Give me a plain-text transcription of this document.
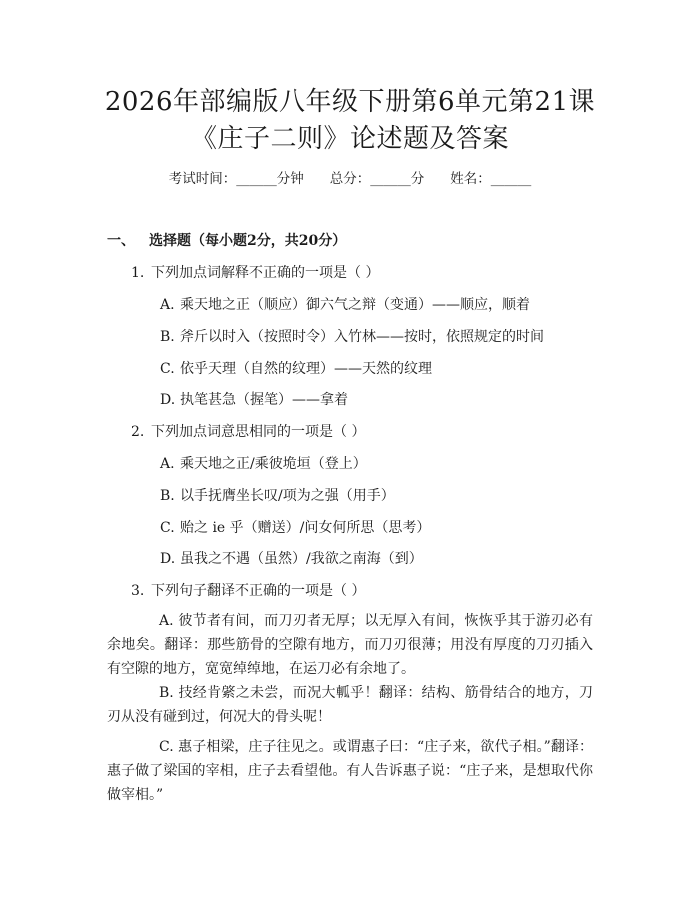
2026年部编版八年级下册第6单元第21课
《庄子二则》论述题及答案
考试时间：______分钟 总分：______分 姓名：______
一、 选择题（每小题2分，共20分）
1. 下列加点词解释不正确的一项是（ ）
A. 乘天地之正（顺应）御六气之辩（变通）——顺应，顺着
B. 斧斤以时入（按照时令）入竹林——按时，依照规定的时间
C. 依乎天理（自然的纹理）——天然的纹理
D. 执笔甚急（握笔）——拿着
2. 下列加点词意思相同的一项是（ ）
A. 乘天地之正/乘彼垝垣（登上）
B. 以手抚膺坐长叹/项为之强（用手）
C. 贻之 ie 乎（赠送）/问女何所思（思考）
D. 虽我之不遇（虽然）/我欲之南海（到）
3. 下列句子翻译不正确的一项是（ ）
A. 彼节者有间，而刀刃者无厚；以无厚入有间，恢恢乎其于游刃必有余地矣。翻译：那些筋骨的空隙有地方，而刀刃很薄；用没有厚度的刀刃插入有空隙的地方，宽宽绰绰地，在运刀必有余地了。
B. 技经肯綮之未尝，而况大軱乎！翻译：结构、筋骨结合的地方，刀刃从没有碰到过，何况大的骨头呢！
C. 惠子相梁，庄子往见之。或谓惠子曰：“庄子来，欲代子相。”翻译：惠子做了梁国的宰相，庄子去看望他。有人告诉惠子说：“庄子来，是想取代你做宰相。”
